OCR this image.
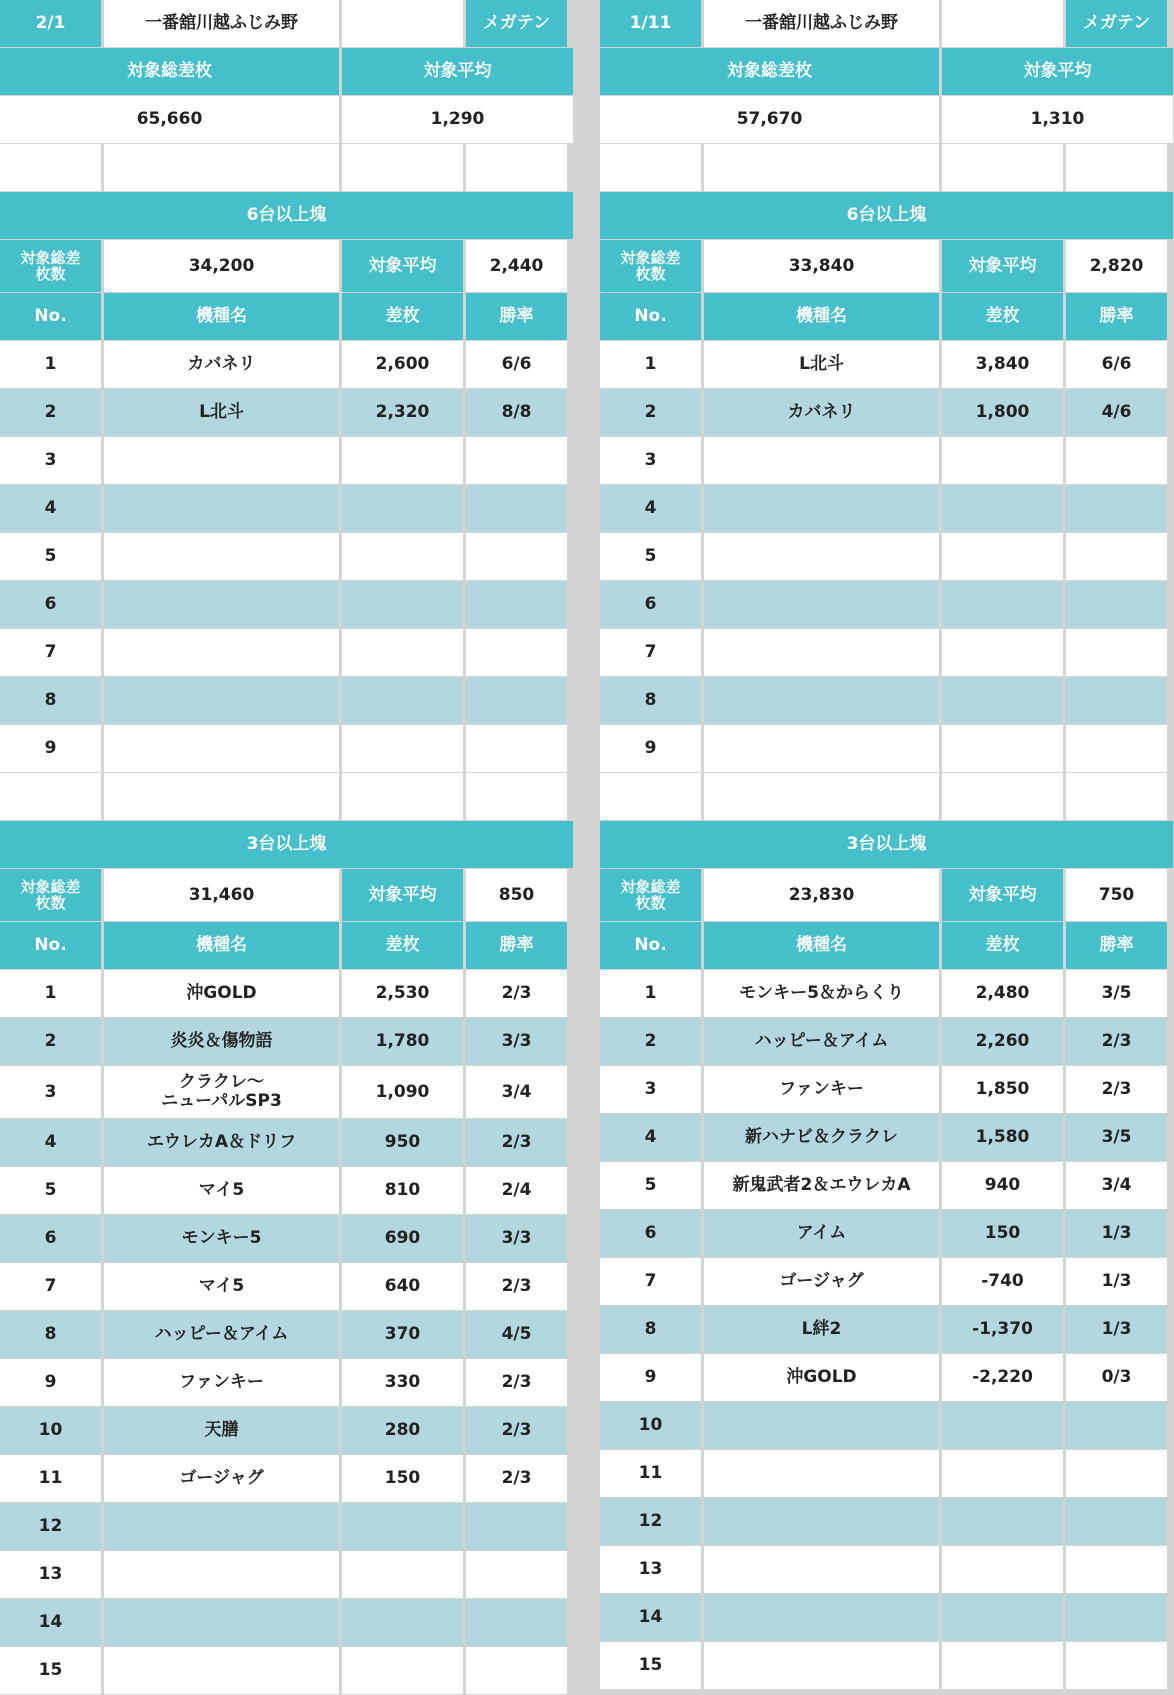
2/1	一番舘川越ふじみ野	メガテン
対象総差枚	対象平均
65,660	1,290
6台以上塊
対象総差
枚数	34,200	対象平均	2,440
No.	機種名	差枚	勝率
1	カバネリ	2,600	6/6
2	L北斗	2,320	8/8
3
4
5
6
7
8
9
3台以上塊
対象総差
枚数	31,460	対象平均	850
No.	機種名	差枚	勝率
1	沖GOLD	2,530	2/3
2	炎炎＆傷物語	1,780	3/3
3	クラクレ～
ニューパルSP3	1,090	3/4
4	エウレカA＆ドリフ	950	2/3
5	マイ5	810	2/4
6	モンキー5	690	3/3
7	マイ5	640	2/3
8	ハッピー＆アイム	370	4/5
9	ファンキー	330	2/3
10	天膳	280	2/3
11	ゴージャグ	150	2/3
12
13
14
15
1/11	一番舘川越ふじみ野	メガテン
対象総差枚	対象平均
57,670	1,310
6台以上塊
対象総差
枚数	33,840	対象平均	2,820
No.	機種名	差枚	勝率
1	L北斗	3,840	6/6
2	カバネリ	1,800	4/6
3
4
5
6
7
8
9
3台以上塊
対象総差
枚数	23,830	対象平均	750
No.	機種名	差枚	勝率
1	モンキー5＆からくり	2,480	3/5
2	ハッピー＆アイム	2,260	2/3
3	ファンキー	1,850	2/3
4	新ハナビ＆クラクレ	1,580	3/5
5	新鬼武者2＆エウレカA	940	3/4
6	アイム	150	1/3
7	ゴージャグ	-740	1/3
8	L絆2	-1,370	1/3
9	沖GOLD	-2,220	0/3
10
11
12
13
14
15
